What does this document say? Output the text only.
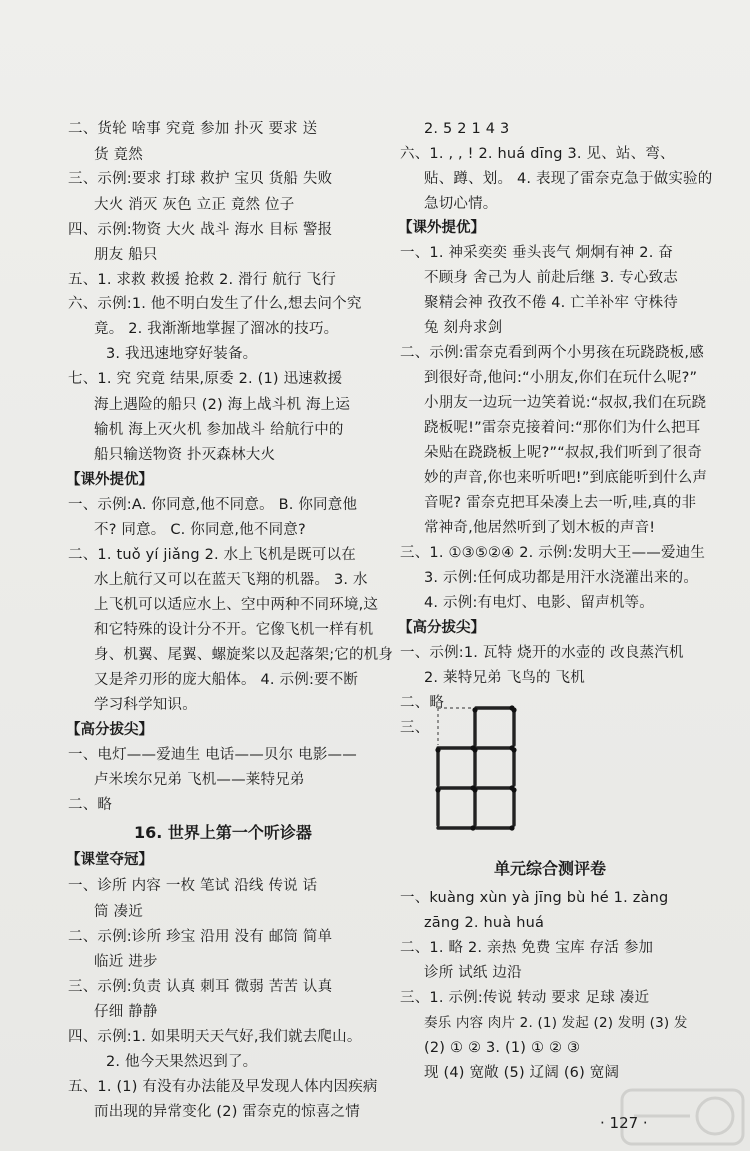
二、货轮 啥事 究竟 参加 扑灭 要求 送
货 竟然
三、示例:要求 打球 救护 宝贝 货船 失败
大火 消灭 灰色 立正 竟然 位子
四、示例:物资 大火 战斗 海水 目标 警报
朋友 船只
五、1. 求救 救援 抢救 2. 滑行 航行 飞行
六、示例:1. 他不明白发生了什么,想去问个究
竟。 2. 我渐渐地掌握了溜冰的技巧。
3. 我迅速地穿好装备。
七、1. 究 究竟 结果,原委 2. (1) 迅速救援
海上遇险的船只 (2) 海上战斗机 海上运
输机 海上灭火机 参加战斗 给航行中的
船只输送物资 扑灭森林大火
【课外提优】
一、示例:A. 你同意,他不同意。 B. 你同意他
不? 同意。 C. 你同意,他不同意?
二、1. tuǒ yí jiǎng 2. 水上飞机是既可以在
水上航行又可以在蓝天飞翔的机器。 3. 水
上飞机可以适应水上、空中两种不同环境,这
和它特殊的设计分不开。它像飞机一样有机
身、机翼、尾翼、螺旋桨以及起落架;它的机身
又是斧刃形的庞大船体。 4. 示例:要不断
学习科学知识。
【高分拔尖】
一、电灯——爱迪生 电话——贝尔 电影——
卢米埃尔兄弟 飞机——莱特兄弟
二、略
16. 世界上第一个听诊器
【课堂夺冠】
一、诊所 内容 一枚 笔试 沿线 传说 话
筒 凑近
二、示例:诊所 珍宝 沿用 没有 邮筒 简单
临近 进步
三、示例:负责 认真 刺耳 微弱 苦苦 认真
仔细 静静
四、示例:1. 如果明天天气好,我们就去爬山。
2. 他今天果然迟到了。
五、1. (1) 有没有办法能及早发现人体内因疾病
而出现的异常变化 (2) 雷奈克的惊喜之情
2. 5 2 1 4 3
六、1. , , ! 2. huá dīng 3. 见、站、弯、
贴、蹲、划。 4. 表现了雷奈克急于做实验的
急切心情。
【课外提优】
一、1. 神采奕奕 垂头丧气 炯炯有神 2. 奋
不顾身 舍己为人 前赴后继 3. 专心致志
聚精会神 孜孜不倦 4. 亡羊补牢 守株待
兔 刻舟求剑
二、示例:雷奈克看到两个小男孩在玩跷跷板,感
到很好奇,他问:“小朋友,你们在玩什么呢?”
小朋友一边玩一边笑着说:“叔叔,我们在玩跷
跷板呢!”雷奈克接着问:“那你们为什么把耳
朵贴在跷跷板上呢?”“叔叔,我们听到了很奇
妙的声音,你也来听听吧!”到底能听到什么声
音呢? 雷奈克把耳朵凑上去一听,哇,真的非
常神奇,他居然听到了划木板的声音!
三、1. ①③⑤②④ 2. 示例:发明大王——爱迪生
3. 示例:任何成功都是用汗水浇灌出来的。
4. 示例:有电灯、电影、留声机等。
【高分拔尖】
一、示例:1. 瓦特 烧开的水壶的 改良蒸汽机
2. 莱特兄弟 飞鸟的 飞机
二、略
三、
单元综合测评卷
一、kuàng xùn yà jīng bù hé 1. zàng
zāng 2. huà huá
二、1. 略 2. 亲热 免费 宝库 存活 参加
诊所 试纸 边沿
三、1. 示例:传说 转动 要求 足球 凑近
奏乐 内容 肉片 2. (1) 发起 (2) 发明 (3) 发
(2) ① ② 3. (1) ① ② ③
现 (4) 宽敞 (5) 辽阔 (6) 宽阔
· 127 ·
